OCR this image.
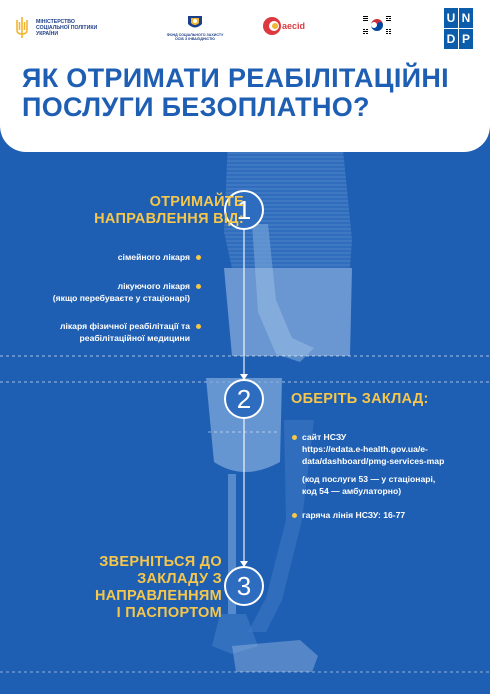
МІНІСТЕРСТВО
СОЦІАЛЬНОЇ ПОЛІТИКИ
УКРАЇНИ	ФОНД СОЦІАЛЬНОГО ЗАХИСТУ
ОСІБ З ІНВАЛІДНІСТЮ
aecid
U N
D P
ЯК ОТРИМАТИ РЕАБІЛІТАЦІЙНІ
ПОСЛУГИ БЕЗОПЛАТНО?
1
ОТРИМАЙТЕ
НАПРАВЛЕННЯ ВІД:
сімейного лікаря
лікуючого лікаря
(якщо перебуваєте у стаціонарі)
лікаря фізичної реабілітації та
реабілітаційної медицини
2	ОБЕРІТЬ ЗАКЛАД:
сайт НСЗУ
https://edata.e-health.gov.ua/e-data/dashboard/pmg-services-map
(код послуги 53 — у стаціонарі,
код 54 — амбулаторно)
гаряча лінія НСЗУ: 16-77
ЗВЕРНІТЬСЯ ДО
ЗАКЛАДУ З
НАПРАВЛЕННЯМ
І ПАСПОРТОМ
3
